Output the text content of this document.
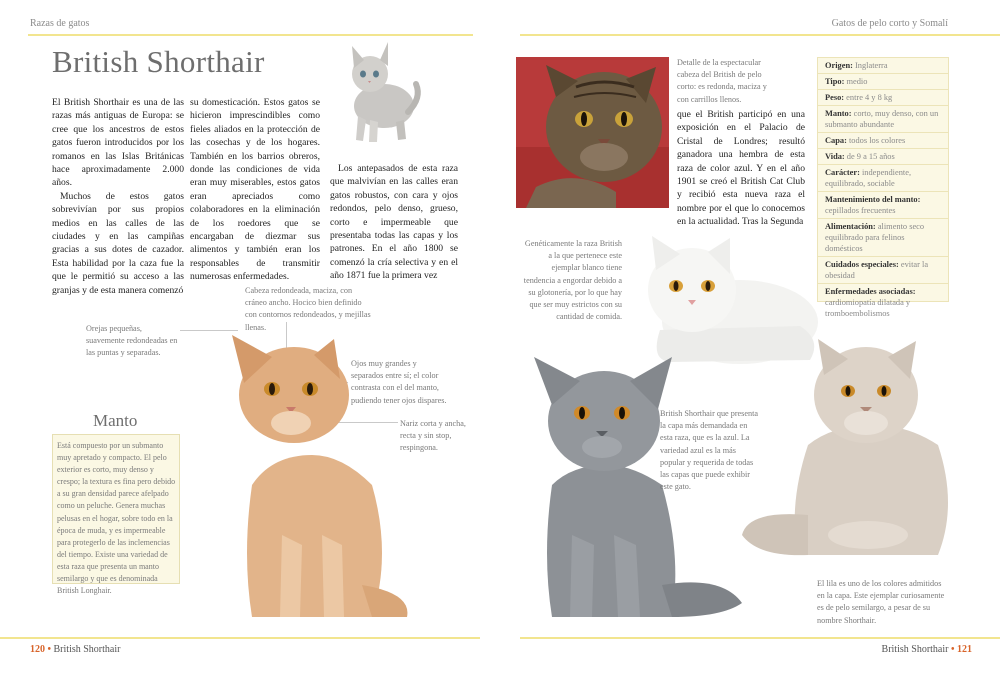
Razas de gatos	Gatos de pelo corto y Somalí
British Shorthair

El British Shorthair es una de las razas más antiguas de Europa: se cree que los ancestros de estos gatos fueron introducidos por los romanos en las Islas Británicas hace aproximadamente 2.000 años.

Muchos de estos gatos sobrevivían por sus propios medios en las calles de las ciudades y en las campiñas gracias a sus dotes de cazador. Esta habilidad por la caza fue la que le permitió su acceso a las granjas y de esta manera comenzó

su domesticación. Estos gatos se hicieron imprescindibles como fieles aliados en la protección de las cosechas y de los hogares. También en los barrios obreros, donde las condiciones de vida eran muy miserables, estos gatos eran apreciados como colaboradores en la eliminación de los roedores que se encargaban de diezmar sus alimentos y también eran los responsables de transmitir numerosas enfermedades.

Los antepasados de esta raza que malvivían en las calles eran gatos robustos, con cara y ojos redondos, pelo denso, grueso, corto e impermeable que presentaba todas las capas y los patrones. En el año 1800 se comenzó la cría selectiva y en el año 1871 fue la primera vez

Cabeza redondeada, maciza, con cráneo ancho. Hocico bien definido con contornos redondeados, y mejillas llenas.
Orejas pequeñas, suavemente redondeadas en las puntas y separadas.
Ojos muy grandes y separados entre sí; el color contrasta con el del manto, pudiendo tener ojos dispares.
Nariz corta y ancha, recta y sin stop, respingona.
Manto

Está compuesto por un submanto muy apretado y compacto. El pelo exterior es corto, muy denso y crespo; la textura es fina pero debido a su gran densidad parece afelpado como un peluche. Genera muchas pelusas en el hogar, sobre todo en la época de muda, y es impermeable para protegerlo de las inclemencias del tiempo. Existe una variedad de esta raza que presenta un manto semilargo y que es denominada British Longhair.

Detalle de la espectacular cabeza del British de pelo corto: es redonda, maciza y con carrillos llenos.

que el British participó en una exposición en el Palacio de Cristal de Londres; resultó ganadora una hembra de esta raza de color azul. Y en el año 1901 se creó el British Cat Club y recibió esta nueva raza el nombre por el que lo conocemos en la actualidad. Tras la Segunda

Origen: Inglaterra
Tipo: medio
Peso: entre 4 y 8 kg
Manto: corto, muy denso, con un submanto abundante
Capa: todos los colores
Vida: de 9 a 15 años
Carácter: independiente, equilibrado, sociable
Mantenimiento del manto: cepillados frecuentes
Alimentación: alimento seco equilibrado para felinos domésticos
Cuidados especiales: evitar la obesidad
Enfermedades asociadas: cardiomiopatía dilatada y tromboembolismos
Genéticamente la raza British a la que pertenece este ejemplar blanco tiene tendencia a engordar debido a su glotonería, por lo que hay que ser muy estrictos con su cantidad de comida.
British Shorthair que presenta la capa más demandada en esta raza, que es la azul. La variedad azul es la más popular y requerida de todas las capas que puede exhibir este gato.
El lila es uno de los colores admitidos en la capa. Este ejemplar curiosamente es de pelo semilargo, a pesar de su nombre Shorthair.
120 • British Shorthair	British Shorthair • 121
